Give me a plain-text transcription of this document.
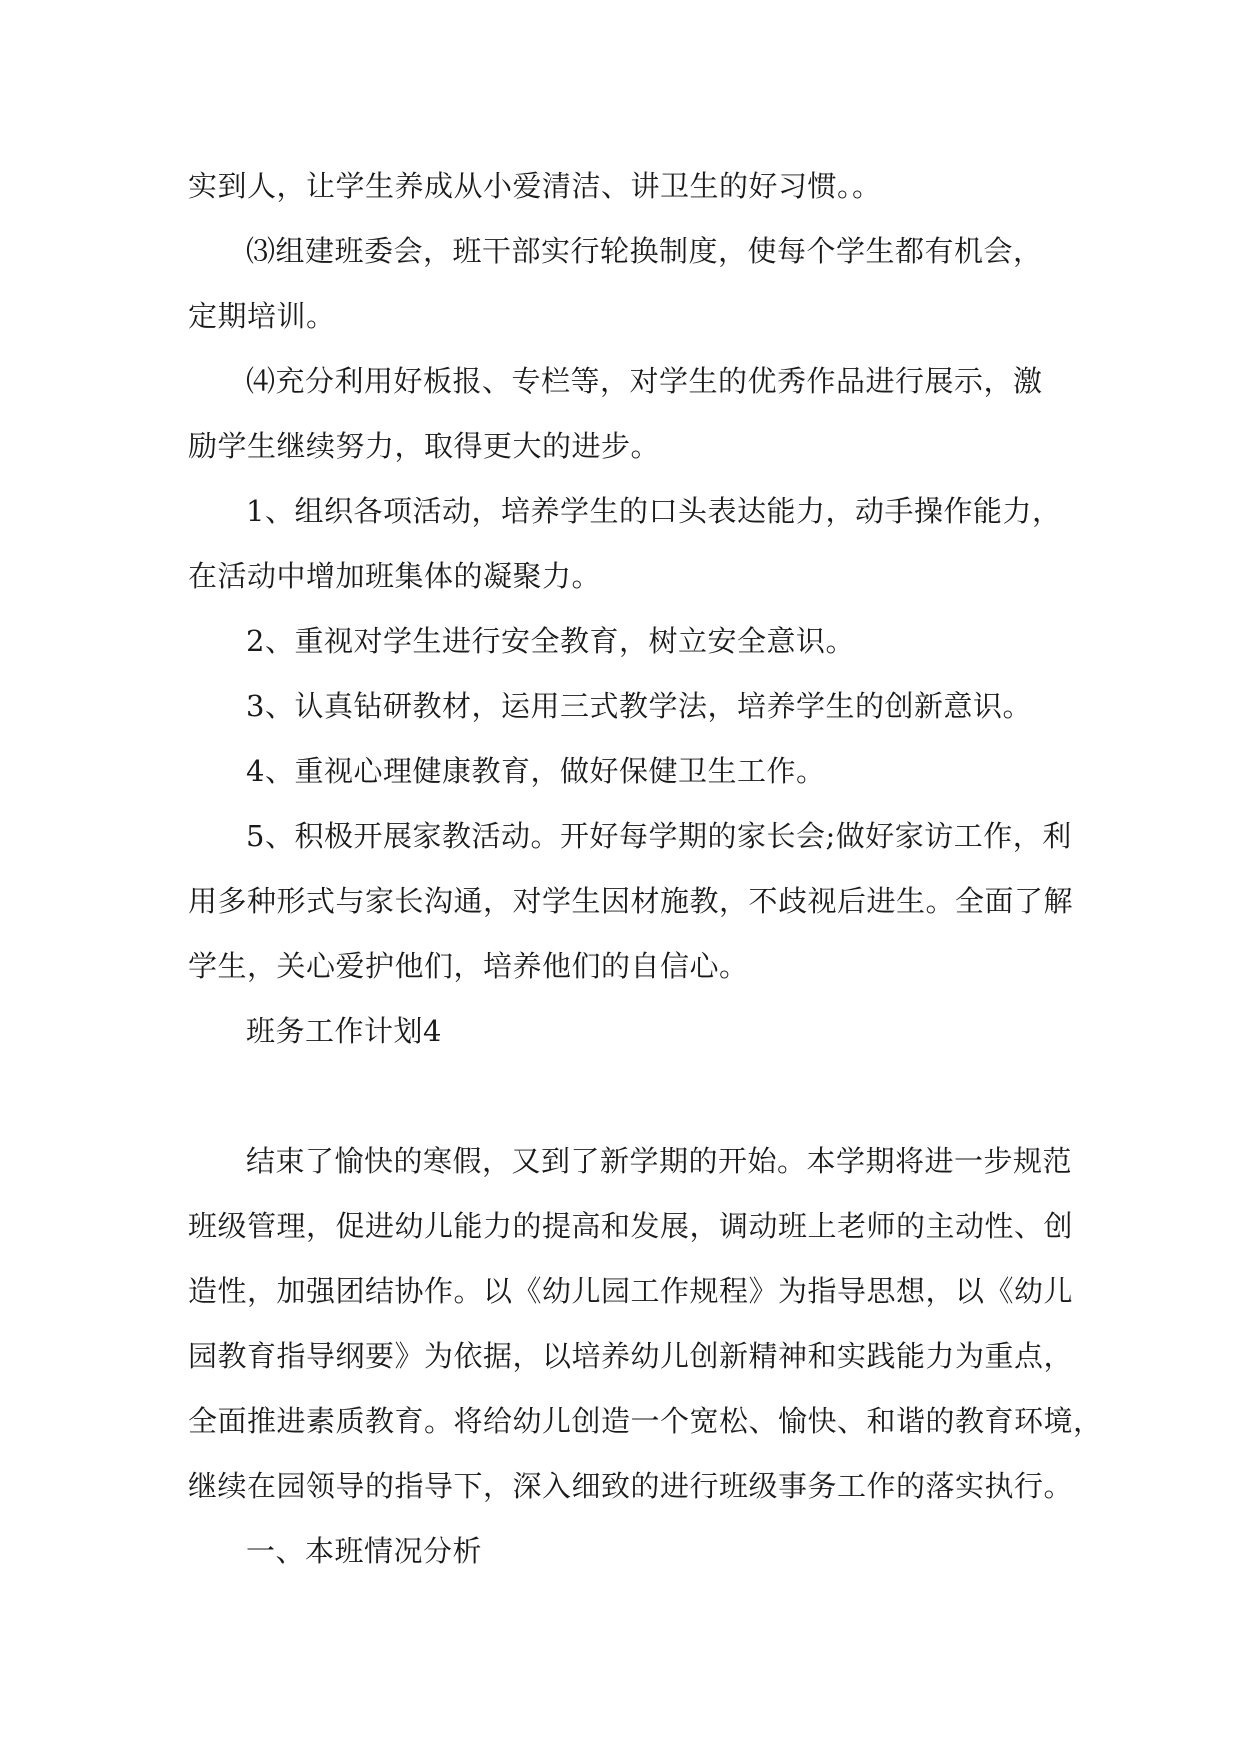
实到人，让学生养成从小爱清洁、讲卫生的好习惯。。
⑶组建班委会，班干部实行轮换制度，使每个学生都有机会，
定期培训。
⑷充分利用好板报、专栏等，对学生的优秀作品进行展示，激
励学生继续努力，取得更大的进步。
1、组织各项活动，培养学生的口头表达能力，动手操作能力，
在活动中增加班集体的凝聚力。
2、重视对学生进行安全教育，树立安全意识。
3、认真钻研教材，运用三式教学法，培养学生的创新意识。
4、重视心理健康教育，做好保健卫生工作。
5、积极开展家教活动。开好每学期的家长会;做好家访工作，利
用多种形式与家长沟通，对学生因材施教，不歧视后进生。全面了解
学生，关心爱护他们，培养他们的自信心。
班务工作计划4
结束了愉快的寒假，又到了新学期的开始。本学期将进一步规范
班级管理，促进幼儿能力的提高和发展，调动班上老师的主动性、创
造性，加强团结协作。以《幼儿园工作规程》为指导思想，以《幼儿
园教育指导纲要》为依据，以培养幼儿创新精神和实践能力为重点，
全面推进素质教育。将给幼儿创造一个宽松、愉快、和谐的教育环境，
继续在园领导的指导下，深入细致的进行班级事务工作的落实执行。
一、本班情况分析
